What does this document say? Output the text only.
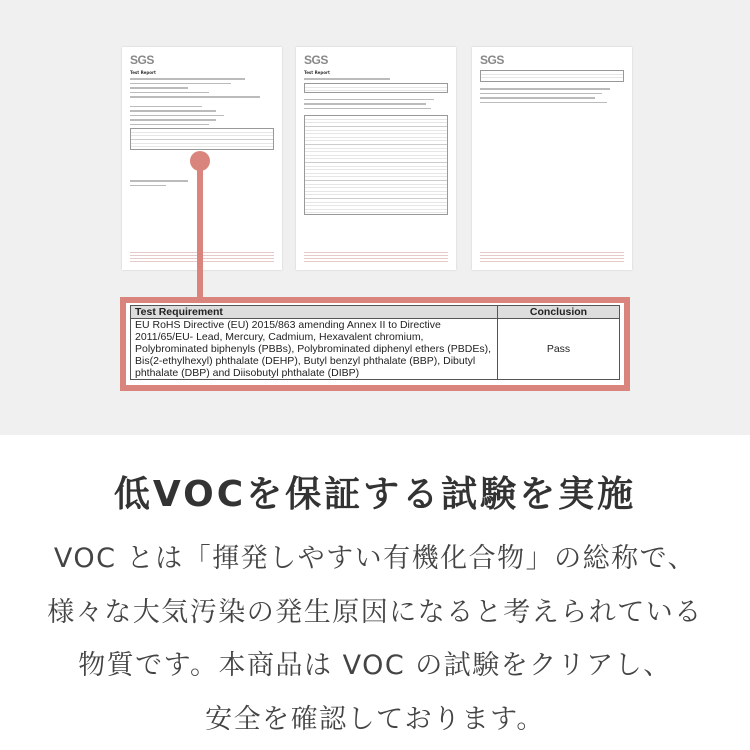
SGS
Test Report
SGS
Test Report
SGS
Test Requirement	Conclusion
EU RoHS Directive (EU) 2015/863 amending Annex II to Directive 2011/65/EU- Lead, Mercury, Cadmium, Hexavalent chromium, Polybrominated biphenyls (PBBs), Polybrominated diphenyl ethers (PBDEs), Bis(2-ethylhexyl) phthalate (DEHP), Butyl benzyl phthalate (BBP), Dibutyl phthalate (DBP) and Diisobutyl phthalate (DIBP)	Pass
低VOCを保証する試験を実施
VOC とは「揮発しやすい有機化合物」の総称で、
様々な大気汚染の発生原因になると考えられている
物質です。本商品は VOC の試験をクリアし、
安全を確認しております。
